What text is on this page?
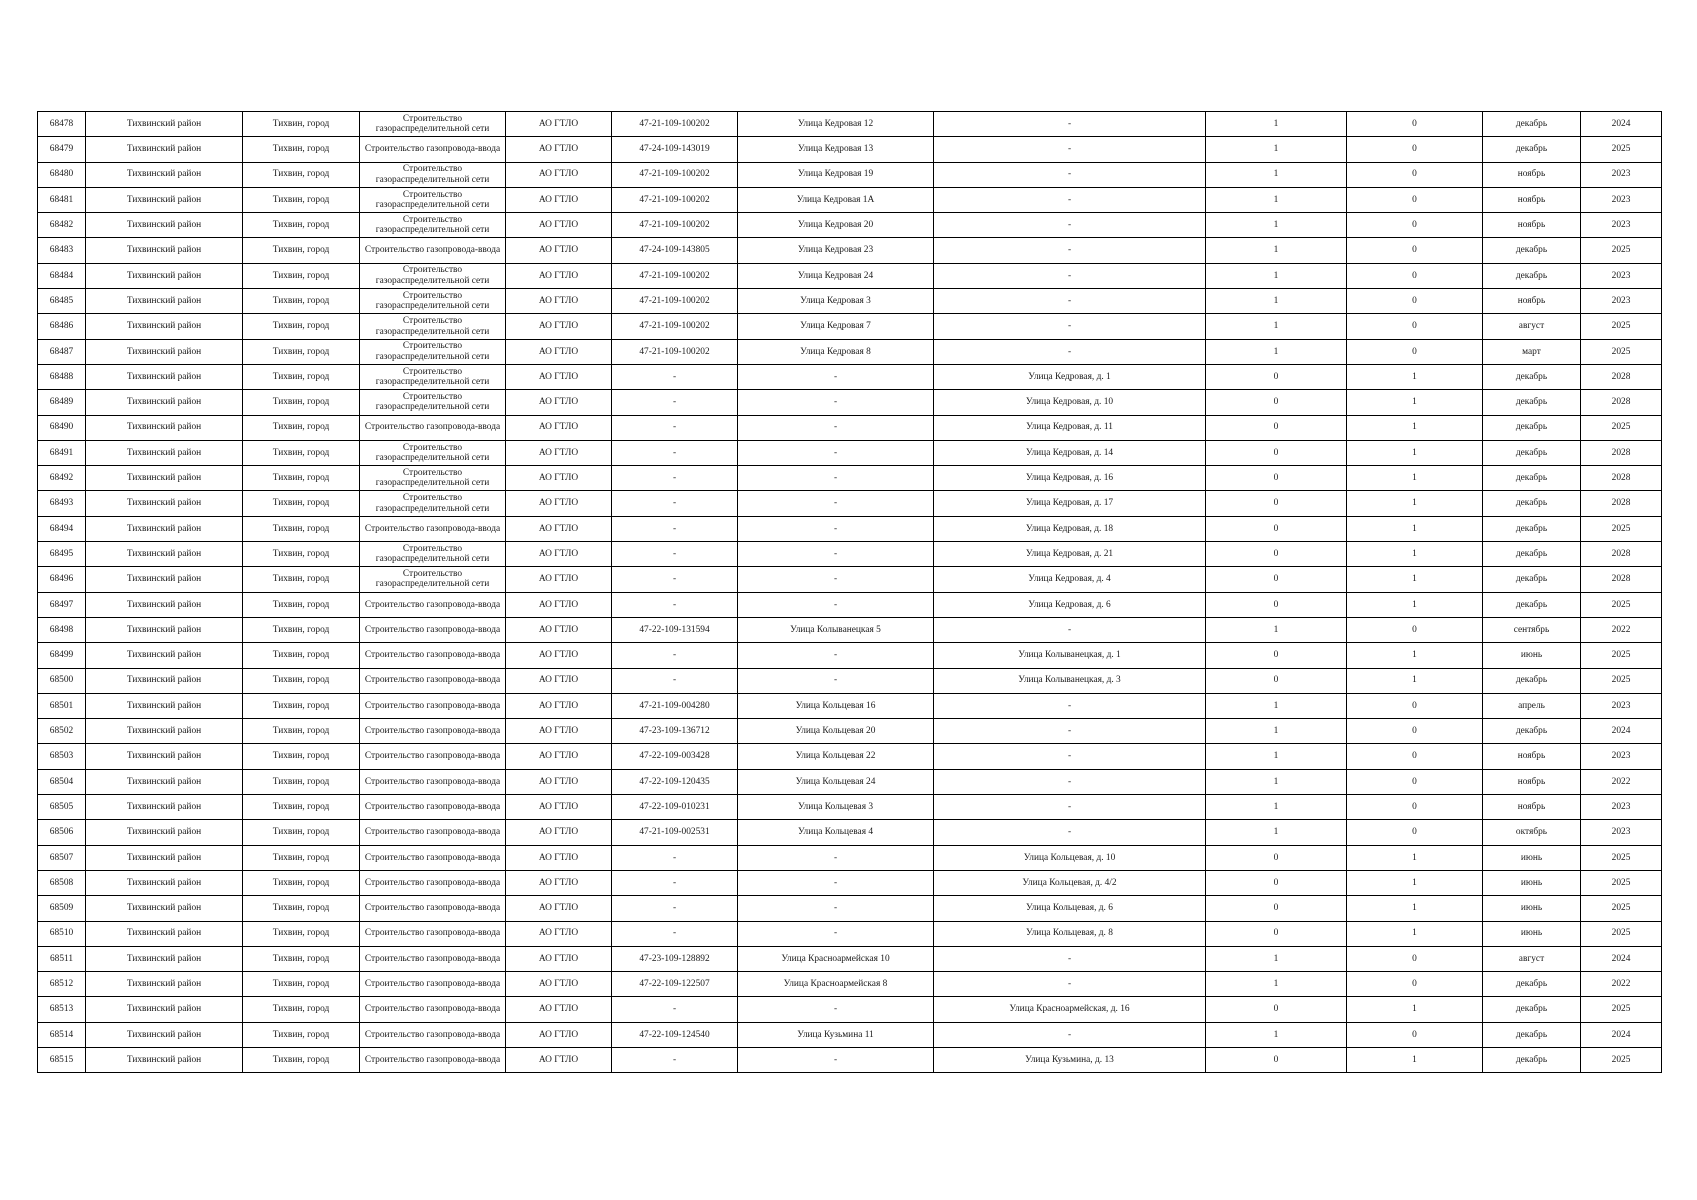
68478	Тихвинский район	Тихвин, город	Строительство газораспределительной сети	АО ГТЛО	47-21-109-100202	Улица Кедровая 12	-	1	0	декабрь	2024
68479	Тихвинский район	Тихвин, город	Строительство газопровода-ввода	АО ГТЛО	47-24-109-143019	Улица Кедровая 13	-	1	0	декабрь	2025
68480	Тихвинский район	Тихвин, город	Строительство газораспределительной сети	АО ГТЛО	47-21-109-100202	Улица Кедровая 19	-	1	0	ноябрь	2023
68481	Тихвинский район	Тихвин, город	Строительство газораспределительной сети	АО ГТЛО	47-21-109-100202	Улица Кедровая 1А	-	1	0	ноябрь	2023
68482	Тихвинский район	Тихвин, город	Строительство газораспределительной сети	АО ГТЛО	47-21-109-100202	Улица Кедровая 20	-	1	0	ноябрь	2023
68483	Тихвинский район	Тихвин, город	Строительство газопровода-ввода	АО ГТЛО	47-24-109-143805	Улица Кедровая 23	-	1	0	декабрь	2025
68484	Тихвинский район	Тихвин, город	Строительство газораспределительной сети	АО ГТЛО	47-21-109-100202	Улица Кедровая 24	-	1	0	декабрь	2023
68485	Тихвинский район	Тихвин, город	Строительство газораспределительной сети	АО ГТЛО	47-21-109-100202	Улица Кедровая 3	-	1	0	ноябрь	2023
68486	Тихвинский район	Тихвин, город	Строительство газораспределительной сети	АО ГТЛО	47-21-109-100202	Улица Кедровая 7	-	1	0	август	2025
68487	Тихвинский район	Тихвин, город	Строительство газораспределительной сети	АО ГТЛО	47-21-109-100202	Улица Кедровая 8	-	1	0	март	2025
68488	Тихвинский район	Тихвин, город	Строительство газораспределительной сети	АО ГТЛО	-	-	Улица Кедровая, д. 1	0	1	декабрь	2028
68489	Тихвинский район	Тихвин, город	Строительство газораспределительной сети	АО ГТЛО	-	-	Улица Кедровая, д. 10	0	1	декабрь	2028
68490	Тихвинский район	Тихвин, город	Строительство газопровода-ввода	АО ГТЛО	-	-	Улица Кедровая, д. 11	0	1	декабрь	2025
68491	Тихвинский район	Тихвин, город	Строительство газораспределительной сети	АО ГТЛО	-	-	Улица Кедровая, д. 14	0	1	декабрь	2028
68492	Тихвинский район	Тихвин, город	Строительство газораспределительной сети	АО ГТЛО	-	-	Улица Кедровая, д. 16	0	1	декабрь	2028
68493	Тихвинский район	Тихвин, город	Строительство газораспределительной сети	АО ГТЛО	-	-	Улица Кедровая, д. 17	0	1	декабрь	2028
68494	Тихвинский район	Тихвин, город	Строительство газопровода-ввода	АО ГТЛО	-	-	Улица Кедровая, д. 18	0	1	декабрь	2025
68495	Тихвинский район	Тихвин, город	Строительство газораспределительной сети	АО ГТЛО	-	-	Улица Кедровая, д. 21	0	1	декабрь	2028
68496	Тихвинский район	Тихвин, город	Строительство газораспределительной сети	АО ГТЛО	-	-	Улица Кедровая, д. 4	0	1	декабрь	2028
68497	Тихвинский район	Тихвин, город	Строительство газопровода-ввода	АО ГТЛО	-	-	Улица Кедровая, д. 6	0	1	декабрь	2025
68498	Тихвинский район	Тихвин, город	Строительство газопровода-ввода	АО ГТЛО	47-22-109-131594	Улица Колыванецкая 5	-	1	0	сентябрь	2022
68499	Тихвинский район	Тихвин, город	Строительство газопровода-ввода	АО ГТЛО	-	-	Улица Колыванецкая, д. 1	0	1	июнь	2025
68500	Тихвинский район	Тихвин, город	Строительство газопровода-ввода	АО ГТЛО	-	-	Улица Колыванецкая, д. 3	0	1	декабрь	2025
68501	Тихвинский район	Тихвин, город	Строительство газопровода-ввода	АО ГТЛО	47-21-109-004280	Улица Кольцевая 16	-	1	0	апрель	2023
68502	Тихвинский район	Тихвин, город	Строительство газопровода-ввода	АО ГТЛО	47-23-109-136712	Улица Кольцевая 20	-	1	0	декабрь	2024
68503	Тихвинский район	Тихвин, город	Строительство газопровода-ввода	АО ГТЛО	47-22-109-003428	Улица Кольцевая 22	-	1	0	ноябрь	2023
68504	Тихвинский район	Тихвин, город	Строительство газопровода-ввода	АО ГТЛО	47-22-109-120435	Улица Кольцевая 24	-	1	0	ноябрь	2022
68505	Тихвинский район	Тихвин, город	Строительство газопровода-ввода	АО ГТЛО	47-22-109-010231	Улица Кольцевая 3	-	1	0	ноябрь	2023
68506	Тихвинский район	Тихвин, город	Строительство газопровода-ввода	АО ГТЛО	47-21-109-002531	Улица Кольцевая 4	-	1	0	октябрь	2023
68507	Тихвинский район	Тихвин, город	Строительство газопровода-ввода	АО ГТЛО	-	-	Улица Кольцевая, д. 10	0	1	июнь	2025
68508	Тихвинский район	Тихвин, город	Строительство газопровода-ввода	АО ГТЛО	-	-	Улица Кольцевая, д. 4/2	0	1	июнь	2025
68509	Тихвинский район	Тихвин, город	Строительство газопровода-ввода	АО ГТЛО	-	-	Улица Кольцевая, д. 6	0	1	июнь	2025
68510	Тихвинский район	Тихвин, город	Строительство газопровода-ввода	АО ГТЛО	-	-	Улица Кольцевая, д. 8	0	1	июнь	2025
68511	Тихвинский район	Тихвин, город	Строительство газопровода-ввода	АО ГТЛО	47-23-109-128892	Улица Красноармейская 10	-	1	0	август	2024
68512	Тихвинский район	Тихвин, город	Строительство газопровода-ввода	АО ГТЛО	47-22-109-122507	Улица Красноармейская 8	-	1	0	декабрь	2022
68513	Тихвинский район	Тихвин, город	Строительство газопровода-ввода	АО ГТЛО	-	-	Улица Красноармейская, д. 16	0	1	декабрь	2025
68514	Тихвинский район	Тихвин, город	Строительство газопровода-ввода	АО ГТЛО	47-22-109-124540	Улица Кузьмина 11	-	1	0	декабрь	2024
68515	Тихвинский район	Тихвин, город	Строительство газопровода-ввода	АО ГТЛО	-	-	Улица Кузьмина, д. 13	0	1	декабрь	2025
